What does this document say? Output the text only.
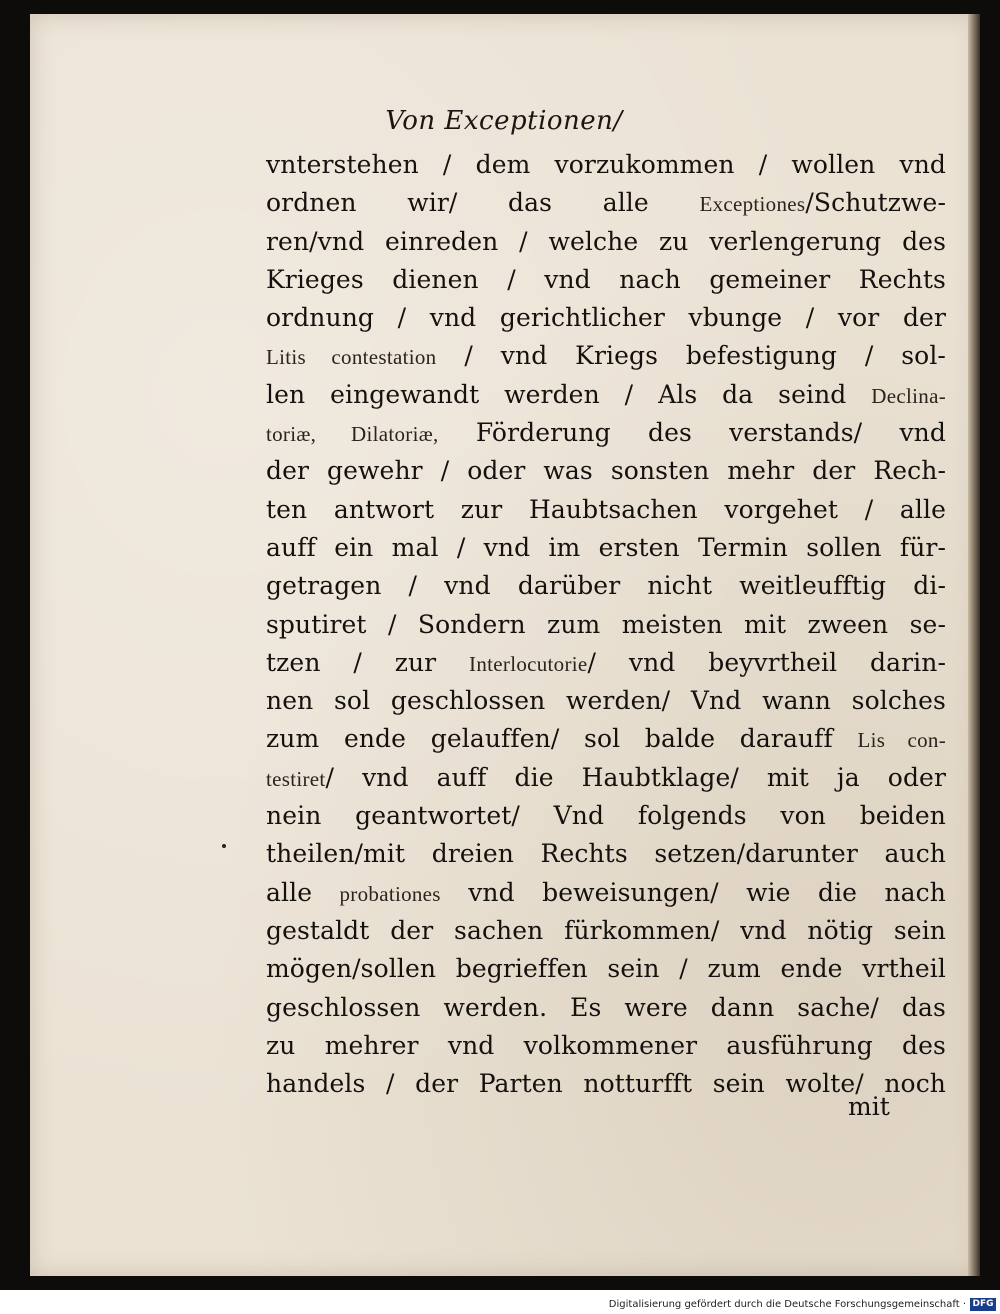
Von Exceptionen/
vnterstehen / dem vorzukommen / wollen vnd
ordnen wir/ das alle Exceptiones/Schutzwe-
ren/vnd einreden / welche zu verlengerung des
Krieges dienen / vnd nach gemeiner Rechts
ordnung / vnd gerichtlicher vbunge / vor der
Litis contestation / vnd Kriegs befestigung / sol-
len eingewandt werden / Als da seind Declina-
toriæ, Dilatoriæ, Förderung des verstands/ vnd
der gewehr / oder was sonsten mehr der Rech-
ten antwort zur Haubtsachen vorgehet / alle
auff ein mal / vnd im ersten Termin sollen für-
getragen / vnd darüber nicht weitleufftig di-
sputiret / Sondern zum meisten mit zween se-
tzen / zur Interlocutorie/ vnd beyvrtheil darin-
nen sol geschlossen werden/ Vnd wann solches
zum ende gelauffen/ sol balde darauff Lis con-
testiret/ vnd auff die Haubtklage/ mit ja oder
nein geantwortet/ Vnd folgends von beiden
theilen/mit dreien Rechts setzen/darunter auch
alle probationes vnd beweisungen/ wie die nach
gestaldt der sachen fürkommen/ vnd nötig sein
mögen/sollen begrieffen sein / zum ende vrtheil
geschlossen werden. Es were dann sache/ das
zu mehrer vnd volkommener ausführung des
handels / der Parten notturfft sein wolte/ noch
mit
Digitalisierung gefördert durch die Deutsche Forschungsgemeinschaft · DFG
